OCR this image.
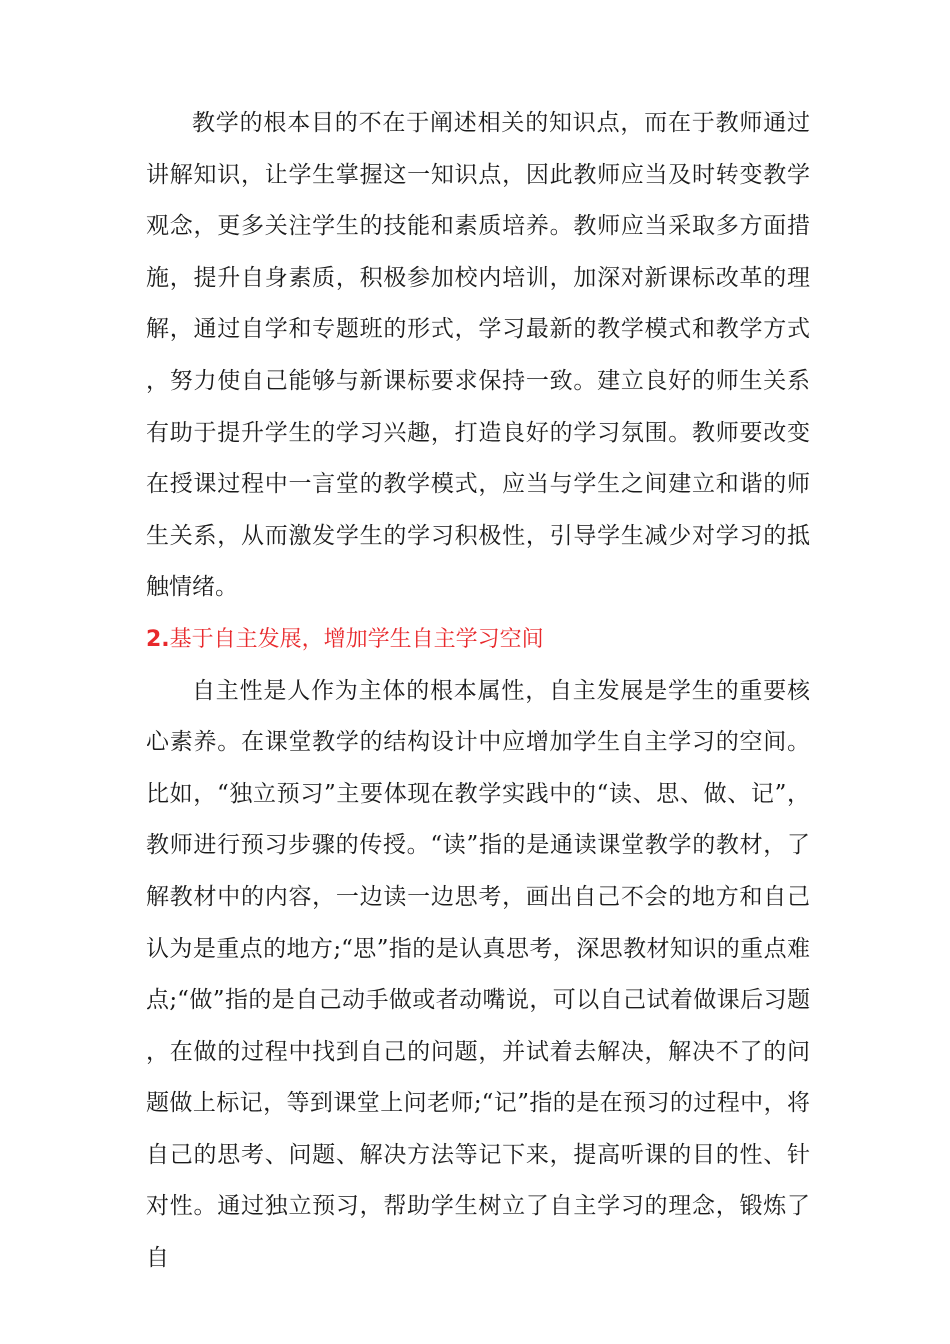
教学的根本目的不在于阐述相关的知识点，而在于教师通过讲解知识，让学生掌握这一知识点，因此教师应当及时转变教学观念，更多关注学生的技能和素质培养。教师应当采取多方面措施，提升自身素质，积极参加校内培训，加深对新课标改革的理解，通过自学和专题班的形式，学习最新的教学模式和教学方式，努力使自己能够与新课标要求保持一致。建立良好的师生关系有助于提升学生的学习兴趣，打造良好的学习氛围。教师要改变在授课过程中一言堂的教学模式，应当与学生之间建立和谐的师生关系，从而激发学生的学习积极性，引导学生减少对学习的抵触情绪。

2.基于自主发展，增加学生自主学习空间

自主性是人作为主体的根本属性，自主发展是学生的重要核心素养。在课堂教学的结构设计中应增加学生自主学习的空间。比如，“独立预习”主要体现在教学实践中的“读、思、做、记”，教师进行预习步骤的传授。“读”指的是通读课堂教学的教材，了解教材中的内容，一边读一边思考，画出自己不会的地方和自己认为是重点的地方;“思”指的是认真思考，深思教材知识的重点难点;“做”指的是自己动手做或者动嘴说，可以自己试着做课后习题，在做的过程中找到自己的问题，并试着去解决，解决不了的问题做上标记，等到课堂上问老师;“记”指的是在预习的过程中，将自己的思考、问题、解决方法等记下来，提高听课的目的性、针对性。通过独立预习，帮助学生树立了自主学习的理念，锻炼了自
